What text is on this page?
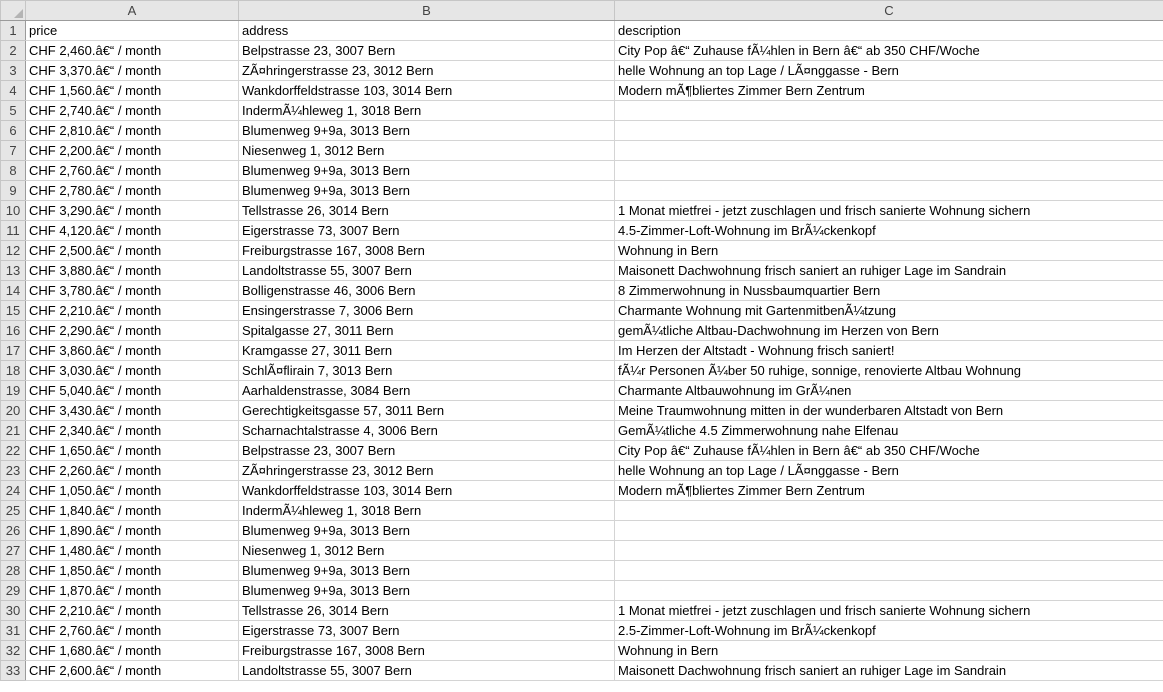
	A	B	C
1	price	address	description
2	CHF 2,460.â€“ / month	Belpstrasse 23, 3007 Bern	City Pop â€“ Zuhause fÃ¼hlen in Bern â€“ ab 350 CHF/Woche
3	CHF 3,370.â€“ / month	ZÃ¤hringerstrasse 23, 3012 Bern	helle Wohnung an top Lage / LÃ¤nggasse - Bern
4	CHF 1,560.â€“ / month	Wankdorffeldstrasse 103, 3014 Bern	Modern mÃ¶bliertes Zimmer Bern Zentrum
5	CHF 2,740.â€“ / month	IndermÃ¼hleweg 1, 3018 Bern	
6	CHF 2,810.â€“ / month	Blumenweg 9+9a, 3013 Bern	
7	CHF 2,200.â€“ / month	Niesenweg 1, 3012 Bern	
8	CHF 2,760.â€“ / month	Blumenweg 9+9a, 3013 Bern	
9	CHF 2,780.â€“ / month	Blumenweg 9+9a, 3013 Bern	
10	CHF 3,290.â€“ / month	Tellstrasse 26, 3014 Bern	1 Monat mietfrei - jetzt zuschlagen und frisch sanierte Wohnung sichern
11	CHF 4,120.â€“ / month	Eigerstrasse 73, 3007 Bern	4.5-Zimmer-Loft-Wohnung im BrÃ¼ckenkopf
12	CHF 2,500.â€“ / month	Freiburgstrasse 167, 3008 Bern	Wohnung in Bern
13	CHF 3,880.â€“ / month	Landoltstrasse 55, 3007 Bern	Maisonett Dachwohnung frisch saniert an ruhiger Lage im Sandrain
14	CHF 3,780.â€“ / month	Bolligenstrasse 46, 3006 Bern	8 Zimmerwohnung in Nussbaumquartier Bern
15	CHF 2,210.â€“ / month	Ensingerstrasse 7, 3006 Bern	Charmante Wohnung mit GartenmitbenÃ¼tzung
16	CHF 2,290.â€“ / month	Spitalgasse 27, 3011 Bern	gemÃ¼tliche Altbau-Dachwohnung im Herzen von Bern
17	CHF 3,860.â€“ / month	Kramgasse 27, 3011 Bern	Im Herzen der Altstadt - Wohnung frisch saniert!
18	CHF 3,030.â€“ / month	SchlÃ¤flirain 7, 3013 Bern	fÃ¼r Personen Ã¼ber 50 ruhige, sonnige, renovierte Altbau Wohnung
19	CHF 5,040.â€“ / month	Aarhaldenstrasse, 3084 Bern	Charmante Altbauwohnung im GrÃ¼nen
20	CHF 3,430.â€“ / month	Gerechtigkeitsgasse 57, 3011 Bern	Meine Traumwohnung mitten in der wunderbaren Altstadt von Bern
21	CHF 2,340.â€“ / month	Scharnachtalstrasse 4, 3006 Bern	GemÃ¼tliche 4.5 Zimmerwohnung nahe Elfenau
22	CHF 1,650.â€“ / month	Belpstrasse 23, 3007 Bern	City Pop â€“ Zuhause fÃ¼hlen in Bern â€“ ab 350 CHF/Woche
23	CHF 2,260.â€“ / month	ZÃ¤hringerstrasse 23, 3012 Bern	helle Wohnung an top Lage / LÃ¤nggasse - Bern
24	CHF 1,050.â€“ / month	Wankdorffeldstrasse 103, 3014 Bern	Modern mÃ¶bliertes Zimmer Bern Zentrum
25	CHF 1,840.â€“ / month	IndermÃ¼hleweg 1, 3018 Bern	
26	CHF 1,890.â€“ / month	Blumenweg 9+9a, 3013 Bern	
27	CHF 1,480.â€“ / month	Niesenweg 1, 3012 Bern	
28	CHF 1,850.â€“ / month	Blumenweg 9+9a, 3013 Bern	
29	CHF 1,870.â€“ / month	Blumenweg 9+9a, 3013 Bern	
30	CHF 2,210.â€“ / month	Tellstrasse 26, 3014 Bern	1 Monat mietfrei - jetzt zuschlagen und frisch sanierte Wohnung sichern
31	CHF 2,760.â€“ / month	Eigerstrasse 73, 3007 Bern	2.5-Zimmer-Loft-Wohnung im BrÃ¼ckenkopf
32	CHF 1,680.â€“ / month	Freiburgstrasse 167, 3008 Bern	Wohnung in Bern
33	CHF 2,600.â€“ / month	Landoltstrasse 55, 3007 Bern	Maisonett Dachwohnung frisch saniert an ruhiger Lage im Sandrain
